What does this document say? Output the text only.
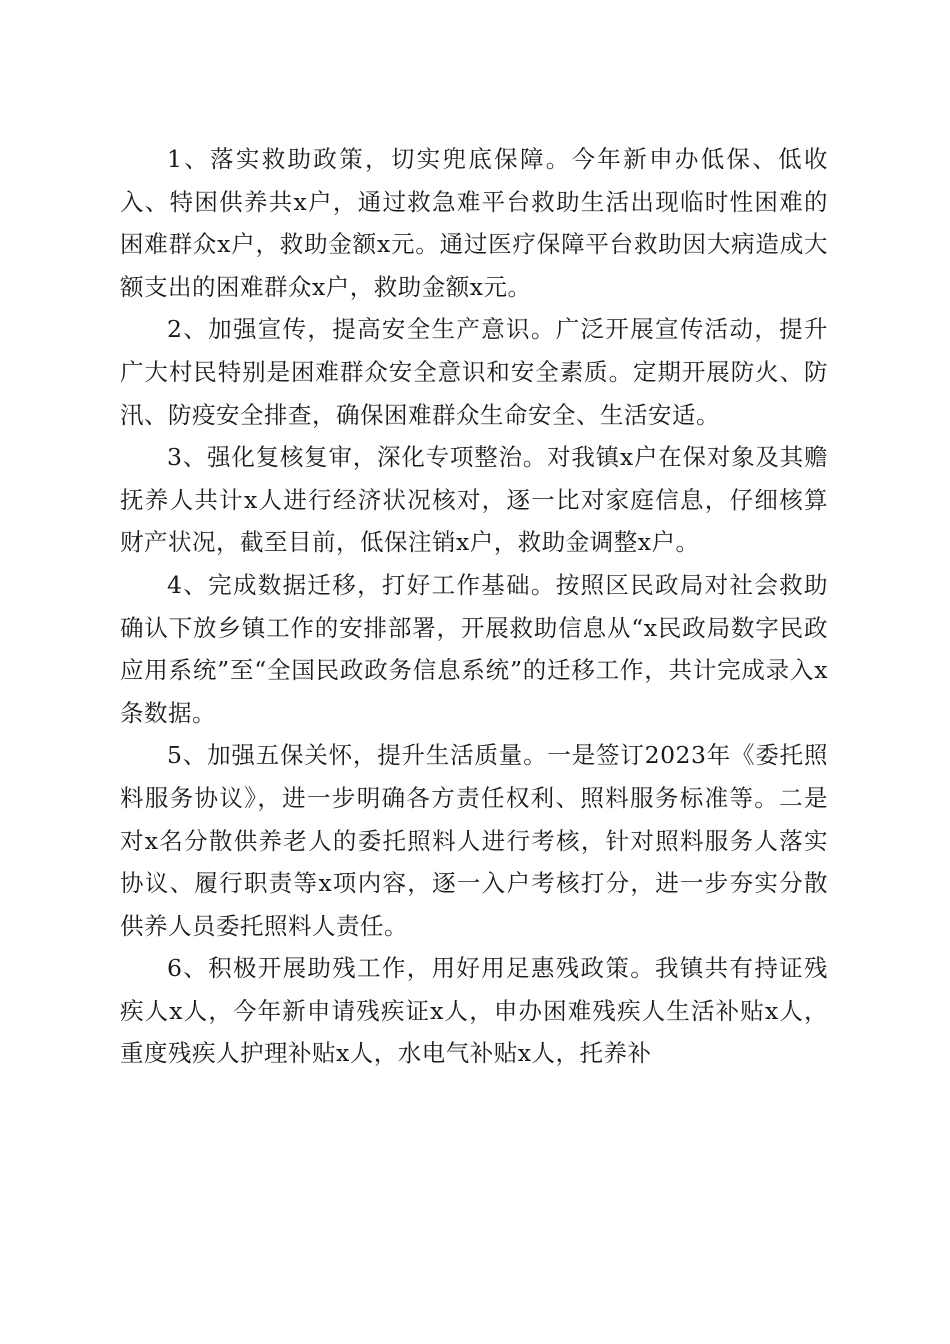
1、落实救助政策，切实兜底保障。今年新申办低保、低收入、特困供养共x户，通过救急难平台救助生活出现临时性困难的困难群众x户，救助金额x元。通过医疗保障平台救助因大病造成大额支出的困难群众x户，救助金额x元。

2、加强宣传，提高安全生产意识。广泛开展宣传活动，提升广大村民特别是困难群众安全意识和安全素质。定期开展防火、防汛、防疫安全排查，确保困难群众生命安全、生活安适。

3、强化复核复审，深化专项整治。对我镇x户在保对象及其赡抚养人共计x人进行经济状况核对，逐一比对家庭信息，仔细核算财产状况，截至目前，低保注销x户，救助金调整x户。

4、完成数据迁移，打好工作基础。按照区民政局对社会救助确认下放乡镇工作的安排部署，开展救助信息从“x民政局数字民政应用系统”至“全国民政政务信息系统”的迁移工作，共计完成录入x条数据。

5、加强五保关怀，提升生活质量。一是签订2023年《委托照料服务协议》，进一步明确各方责任权利、照料服务标准等。二是对x名分散供养老人的委托照料人进行考核，针对照料服务人落实协议、履行职责等x项内容，逐一入户考核打分，进一步夯实分散供养人员委托照料人责任。

6、积极开展助残工作，用好用足惠残政策。我镇共有持证残疾人x人，今年新申请残疾证x人，申办困难残疾人生活补贴x人，重度残疾人护理补贴x人，水电气补贴x人，托养补
